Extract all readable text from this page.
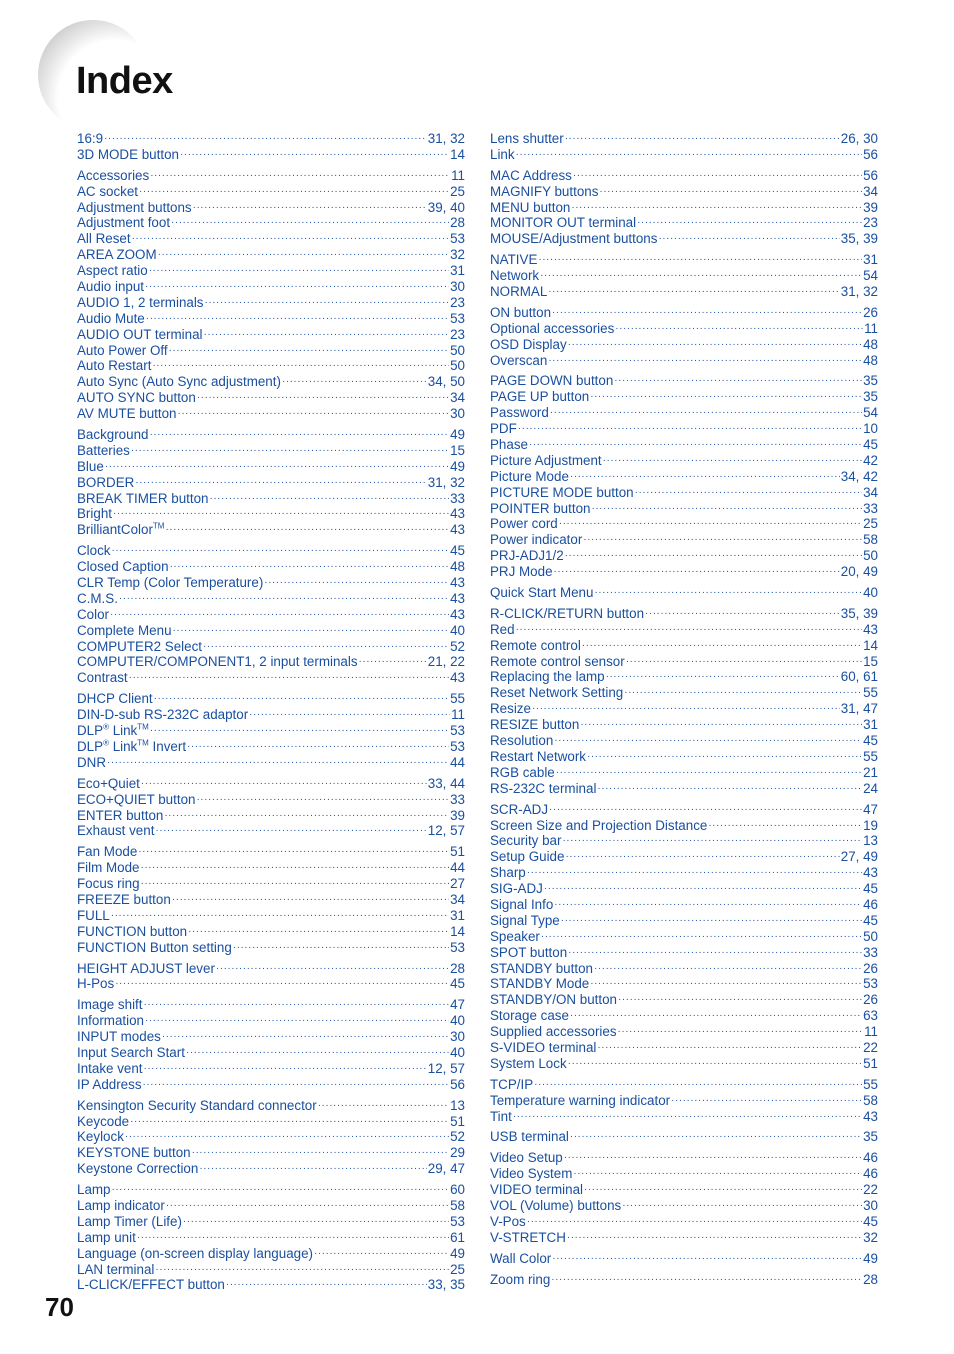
Index
16:9 ·····	31, 32
3D MODE button ·····	14
Accessories ·····	11
AC socket ·····	25
Adjustment buttons ·····	39, 40
Adjustment foot ·····	28
All Reset ·····	53
AREA ZOOM ·····	32
Aspect ratio ·····	31
Audio input ·····	30
AUDIO 1, 2 terminals ·····	23
Audio Mute ·····	53
AUDIO OUT terminal ·····	23
Auto Power Off ·····	50
Auto Restart ·····	50
Auto Sync (Auto Sync adjustment) ·····	34, 50
AUTO SYNC button ·····	34
AV MUTE button ·····	30
Background ·····	49
Batteries ·····	15
Blue ·····	49
BORDER ·····	31, 32
BREAK TIMER button ·····	33
Bright ·····	43
BrilliantColor™ ·····	43
Clock ·····	45
Closed Caption ·····	48
CLR Temp (Color Temperature) ·····	43
C.M.S. ·····	43
Color ·····	43
Complete Menu ·····	40
COMPUTER2 Select ·····	52
COMPUTER/COMPONENT1, 2 input terminals ·····	21, 22
Contrast ·····	43
DHCP Client ·····	55
DIN-D-sub RS-232C adaptor ·····	11
DLP® Link™ ·····	53
DLP® Link™ Invert ·····	53
DNR ·····	44
Eco+Quiet ·····	33, 44
ECO+QUIET button ·····	33
ENTER button ·····	39
Exhaust vent ·····	12, 57
Fan Mode ·····	51
Film Mode ·····	44
Focus ring ·····	27
FREEZE button ·····	34
FULL ·····	31
FUNCTION button ·····	14
FUNCTION Button setting ·····	53
HEIGHT ADJUST lever ·····	28
H-Pos ·····	45
Image shift ·····	47
Information ·····	40
INPUT modes ·····	30
Input Search Start ·····	40
Intake vent ·····	12, 57
IP Address ·····	56
Kensington Security Standard connector ·····	13
Keycode ·····	51
Keylock ·····	52
KEYSTONE button ·····	29
Keystone Correction ·····	29, 47
Lamp ·····	60
Lamp indicator ·····	58
Lamp Timer (Life) ·····	53
Lamp unit ·····	61
Language (on-screen display language) ·····	49
LAN terminal ·····	25
L-CLICK/EFFECT button ·····	33, 35
Lens shutter ·····	26, 30
Link ·····	56
MAC Address ·····	56
MAGNIFY buttons ·····	34
MENU button ·····	39
MONITOR OUT terminal ·····	23
MOUSE/Adjustment buttons ·····	35, 39
NATIVE ·····	31
Network ·····	54
NORMAL ·····	31, 32
ON button ·····	26
Optional accessories ·····	11
OSD Display ·····	48
Overscan ·····	48
PAGE DOWN button ·····	35
PAGE UP button ·····	35
Password ·····	54
PDF ·····	10
Phase ·····	45
Picture Adjustment ·····	42
Picture Mode ·····	34, 42
PICTURE MODE button ·····	34
POINTER button ·····	33
Power cord ·····	25
Power indicator ·····	58
PRJ-ADJ1/2 ·····	50
PRJ Mode ·····	20, 49
Quick Start Menu ·····	40
R-CLICK/RETURN button ·····	35, 39
Red ·····	43
Remote control ·····	14
Remote control sensor ·····	15
Replacing the lamp ·····	60, 61
Reset Network Setting ·····	55
Resize ·····	31, 47
RESIZE button ·····	31
Resolution ·····	45
Restart Network ·····	55
RGB cable ·····	21
RS-232C terminal ·····	24
SCR-ADJ ·····	47
Screen Size and Projection Distance ·····	19
Security bar ·····	13
Setup Guide ·····	27, 49
Sharp ·····	43
SIG-ADJ ·····	45
Signal Info ·····	46
Signal Type ·····	45
Speaker ·····	50
SPOT button ·····	33
STANDBY button ·····	26
STANDBY Mode ·····	53
STANDBY/ON button ·····	26
Storage case ·····	63
Supplied accessories ·····	11
S-VIDEO terminal ·····	22
System Lock ·····	51
TCP/IP ·····	55
Temperature warning indicator ·····	58
Tint ·····	43
USB terminal ·····	35
Video Setup ·····	46
Video System ·····	46
VIDEO terminal ·····	22
VOL (Volume) buttons ·····	30
V-Pos ·····	45
V-STRETCH ·····	32
Wall Color ·····	49
Zoom ring ·····	28
70
